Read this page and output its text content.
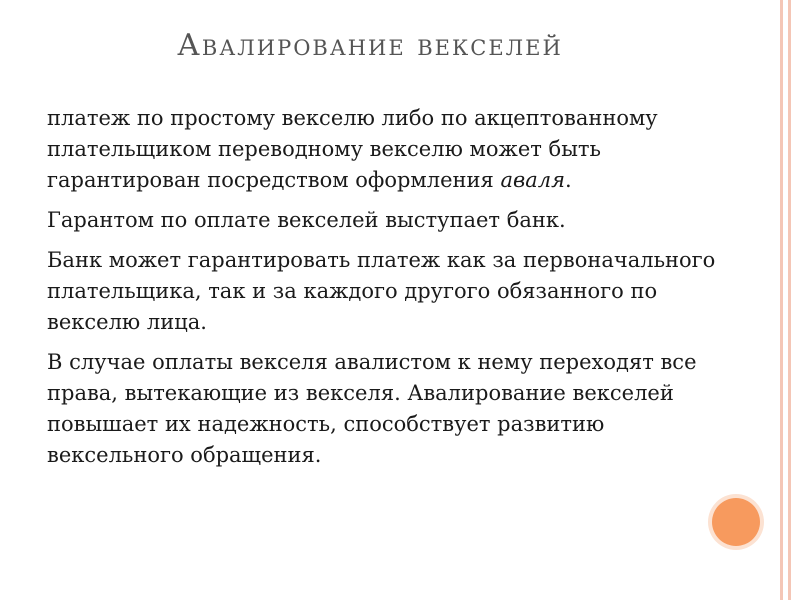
Авалирование векселей

платеж по простому векселю либо по акцептованному плательщиком переводному векселю может быть гарантирован посредством оформления аваля.

Гарантом по оплате векселей выступает банк.

Банк может гарантировать платеж как за первоначального плательщика, так и за каждого другого обязанного по векселю лица.

В случае оплаты векселя авалистом к нему переходят все права, вытекающие из векселя. Авалирование векселей повышает их надежность, способствует развитию вексельного обращения.
